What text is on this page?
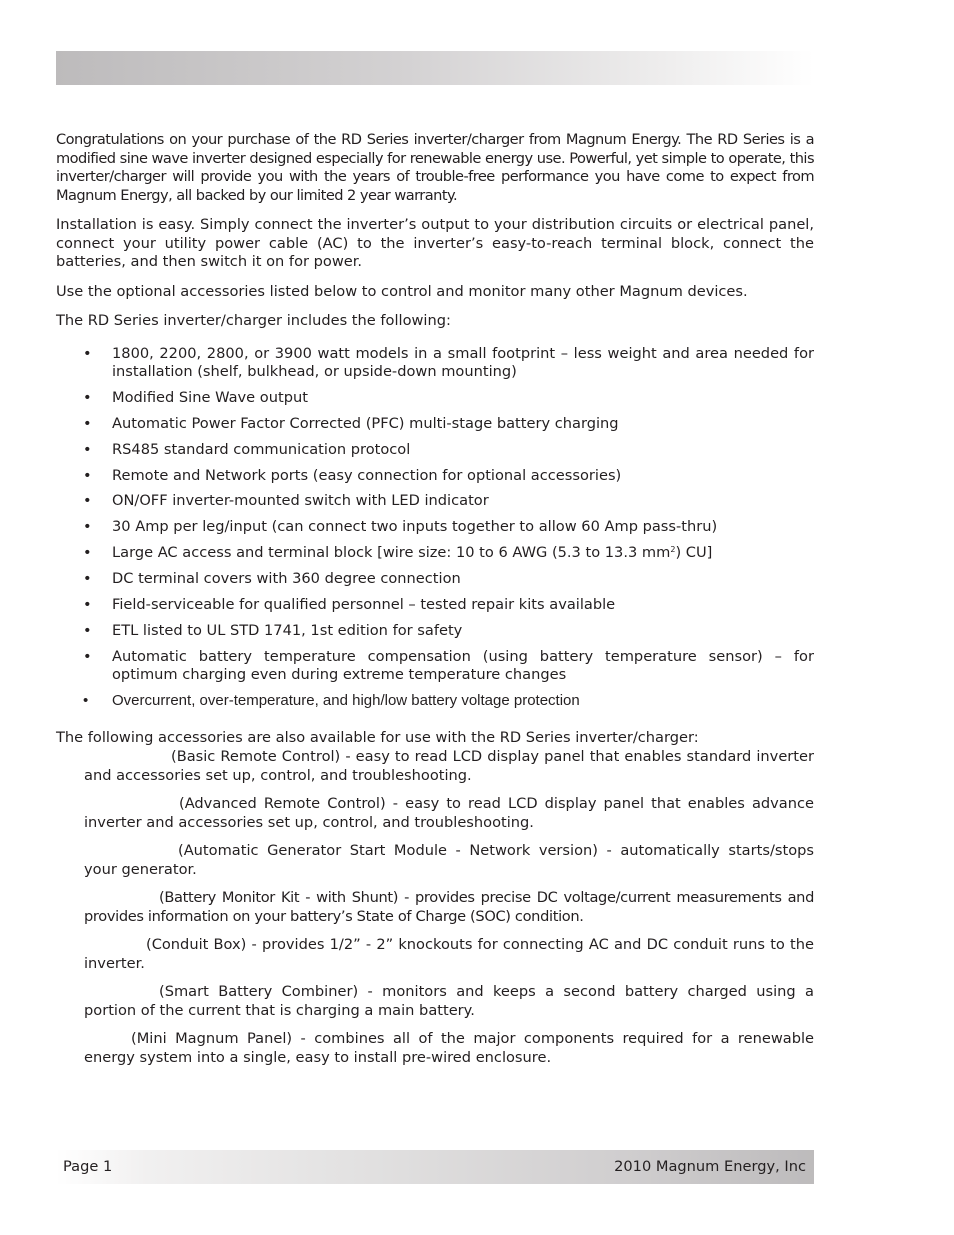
Congratulations on your purchase of the RD Series inverter/charger from Magnum Energy. The RD Series is a modified sine wave inverter designed especially for renewable energy use. Powerful, yet simple to operate, this inverter/charger will provide you with the years of trouble-free performance you have come to expect from Magnum Energy, all backed by our limited 2 year warranty.

Installation is easy. Simply connect the inverter’s output to your distribution circuits or electrical panel, connect your utility power cable (AC) to the inverter’s easy-to-reach terminal block, connect the batteries, and then switch it on for power.

Use the optional accessories listed below to control and monitor many other Magnum devices.

The RD Series inverter/charger includes the following:

• 1800, 2200, 2800, or 3900 watt models in a small footprint – less weight and area needed for installation (shelf, bulkhead, or upside-down mounting)
• Modified Sine Wave output
• Automatic Power Factor Corrected (PFC) multi-stage battery charging
• RS485 standard communication protocol
• Remote and Network ports (easy connection for optional accessories)
• ON/OFF inverter-mounted switch with LED indicator
• 30 Amp per leg/input (can connect two inputs together to allow 60 Amp pass-thru)
• Large AC access and terminal block [wire size: 10 to 6 AWG (5.3 to 13.3 $mm^2$) CU]
• DC terminal covers with 360 degree connection
• Field-serviceable for qualified personnel – tested repair kits available
• ETL listed to UL STD 1741, 1st edition for safety
• Automatic battery temperature compensation (using battery temperature sensor) – for optimum charging even during extreme temperature changes
• Overcurrent, over-temperature, and high/low battery voltage protection

The following accessories are also available for use with the RD Series inverter/charger:

(Basic Remote Control) - easy to read LCD display panel that enables standard inverter and accessories set up, control, and troubleshooting.

(Advanced Remote Control) - easy to read LCD display panel that enables advance inverter and accessories set up, control, and troubleshooting.

(Automatic Generator Start Module - Network version) - automatically starts/stops your generator.

(Battery Monitor Kit - with Shunt) - provides precise DC voltage/current measurements and provides information on your battery’s State of Charge (SOC) condition.

(Conduit Box) - provides 1/2” - 2” knockouts for connecting AC and DC conduit runs to the inverter.

(Smart Battery Combiner) - monitors and keeps a second battery charged using a portion of the current that is charging a main battery.

(Mini Magnum Panel) - combines all of the major components required for a renewable energy system into a single, easy to install pre-wired enclosure.

Page 1	2010 Magnum Energy, Inc
